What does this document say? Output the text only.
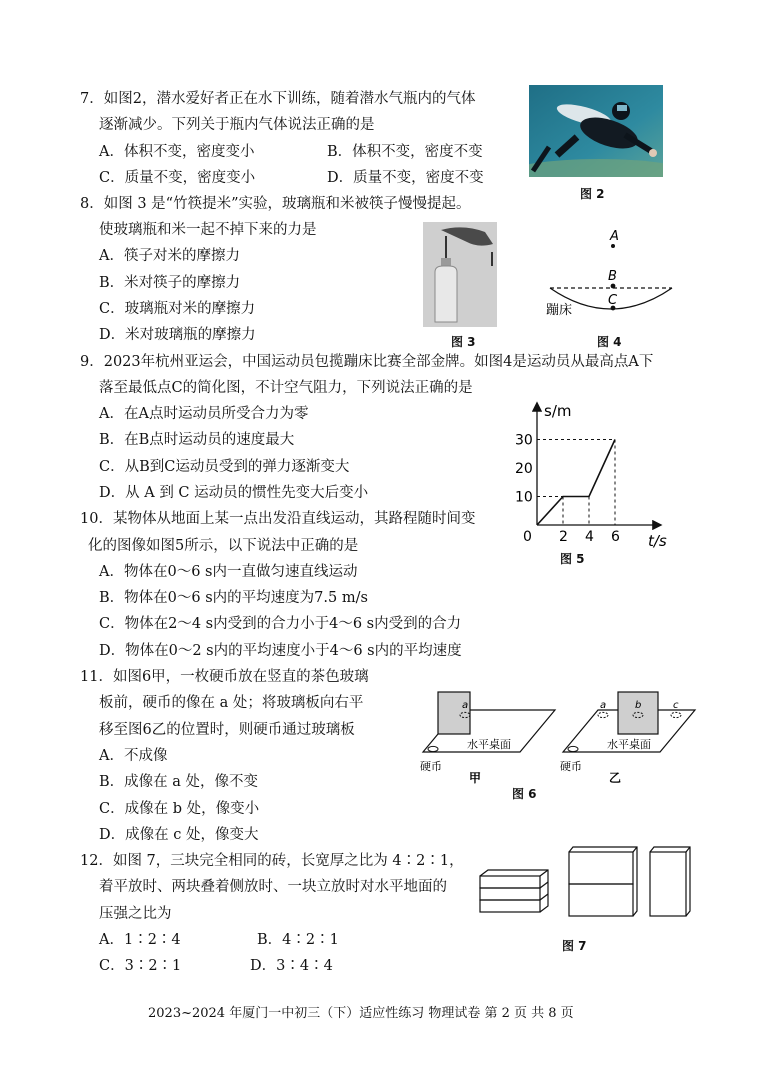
7．如图2，潜水爱好者正在水下训练，随着潜水气瓶内的气体
逐渐减少。下列关于瓶内气体说法正确的是
A．体积不变，密度变小	B．体积不变，密度不变
C．质量不变，密度变小	D．质量不变，密度不变
图 2
8．如图 3 是“竹筷提米”实验，玻璃瓶和米被筷子慢慢提起。
使玻璃瓶和米一起不掉下来的力是
A．筷子对米的摩擦力
B．米对筷子的摩擦力
C．玻璃瓶对米的摩擦力
D．米对玻璃瓶的摩擦力	图 3
A
B
C
蹦床
图 4
9．2023年杭州亚运会，中国运动员包揽蹦床比赛全部金牌。如图4是运动员从最高点A下
落至最低点C的简化图，不计空气阻力，下列说法正确的是
A．在A点时运动员所受合力为零
B．在B点时运动员的速度最大
C．从B到C运动员受到的弹力逐渐变大
D．从 A 到 C 运动员的惯性先变大后变小
10．某物体从地面上某一点出发沿直线运动，其路程随时间变
化的图像如图5所示，以下说法中正确的是
A．物体在0～6 s内一直做匀速直线运动
B．物体在0～6 s内的平均速度为7.5 m/s
C．物体在2～4 s内受到的合力小于4～6 s内受到的合力
D．物体在0～2 s内的平均速度小于4～6 s内的平均速度
s/m
t/s
0 2 4 6
10
20
30
图 5
11．如图6甲，一枚硬币放在竖直的茶色玻璃
板前，硬币的像在 a 处；将玻璃板向右平
移至图6乙的位置时，则硬币通过玻璃板
A．不成像
B．成像在 a 处，像不变
C．成像在 b 处，像变小
D．成像在 c 处，像变大
a
水平桌面
硬币
甲
a	b	c
水平桌面
硬币
乙
图 6
12．如图 7，三块完全相同的砖，长宽厚之比为 4∶2∶1，
着平放时、两块叠着侧放时、一块立放时对水平地面的
压强之比为
A．1∶2∶4	B．4∶2∶1
C．3∶2∶1	D．3∶4∶4
图 7
2023~2024 年厦门一中初三（下）适应性练习 物理试卷 第 2 页 共 8 页
